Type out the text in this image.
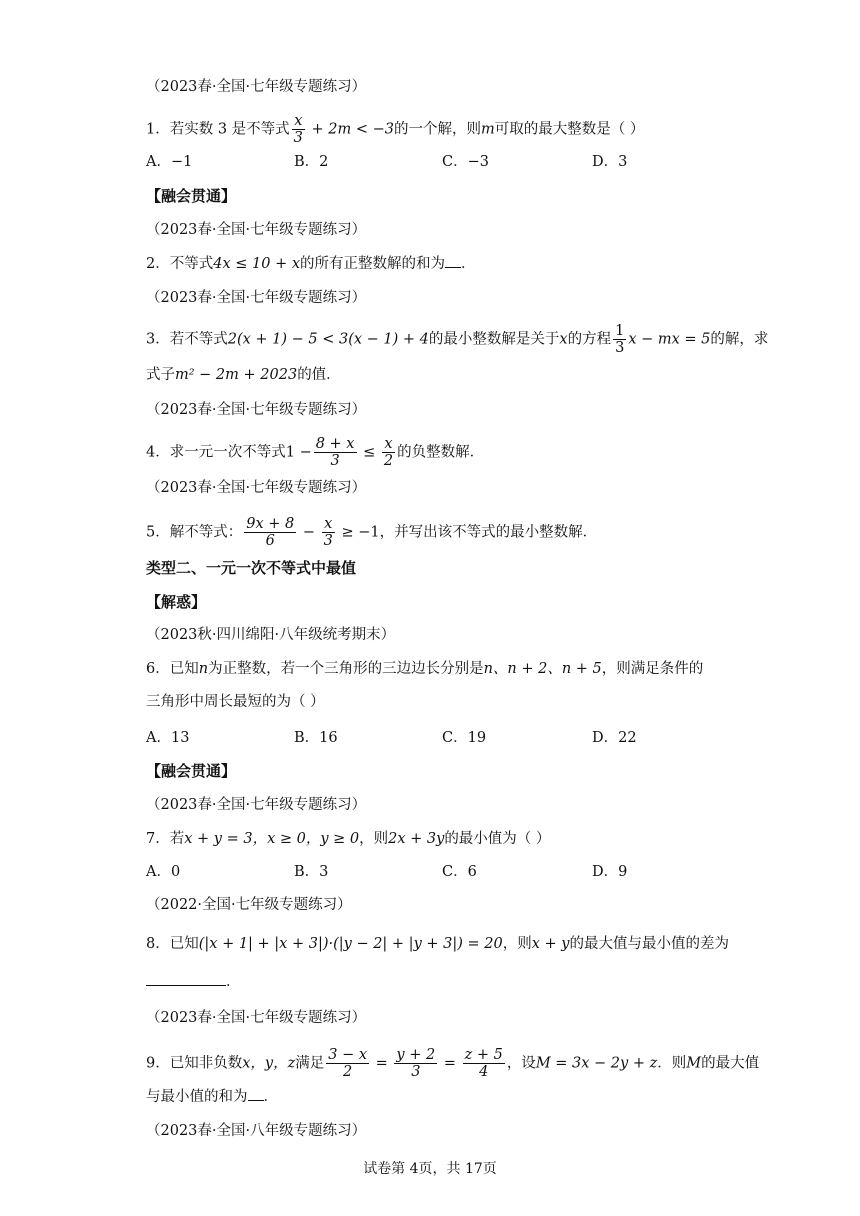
（2023春·全国·七年级专题练习）
1．若实数 3 是不等式 $\frac{x}{3} + 2m < -3$的一个解，则m可取的最大整数是（ ）
A．−1	B．2	C．−3	D．3
【融会贯通】
（2023春·全国·七年级专题练习）
2．不等式4x ≤ 10 + x的所有正整数解的和为 ．
（2023春·全国·七年级专题练习）
3．若不等式2(x + 1) − 5 < 3(x − 1) + 4的最小整数解是关于x的方程 $\frac{1}{3}$ x − mx = 5的解，求
式子m² − 2m + 2023的值．
（2023春·全国·七年级专题练习）
4．求一元一次不等式$1 - \frac{8 + x}{3} \le \frac{x}{2}$ 的负整数解．
（2023春·全国·七年级专题练习）
5．解不等式： $\frac{9x + 8}{6} - \frac{x}{3} \ge -1$，并写出该不等式的最小整数解．
类型二、一元一次不等式中最值
【解惑】
（2023秋·四川绵阳·八年级统考期末）
6．已知n为正整数，若一个三角形的三边边长分别是n、n + 2、n + 5，则满足条件的
三角形中周长最短的为（ ）
A．13	B．16	C．19	D．22
【融会贯通】
（2023春·全国·七年级专题练习）
7．若x + y = 3，x ≥ 0，y ≥ 0，则2x + 3y的最小值为（ ）
A．0	B．3	C．6	D．9
（2022·全国·七年级专题练习）
8．已知(|x + 1| + |x + 3|)·(|y − 2| + |y + 3|) = 20，则x + y的最大值与最小值的差为
．
（2023春·全国·七年级专题练习）
9．已知非负数x，y，z满足 $\frac{3 - x}{2} = \frac{y + 2}{3} = \frac{z + 5}{4}$ ，设M = 3x − 2y + z．则M的最大值
与最小值的和为 ．
（2023春·全国·八年级专题练习）
试卷第 4页，共 17页
